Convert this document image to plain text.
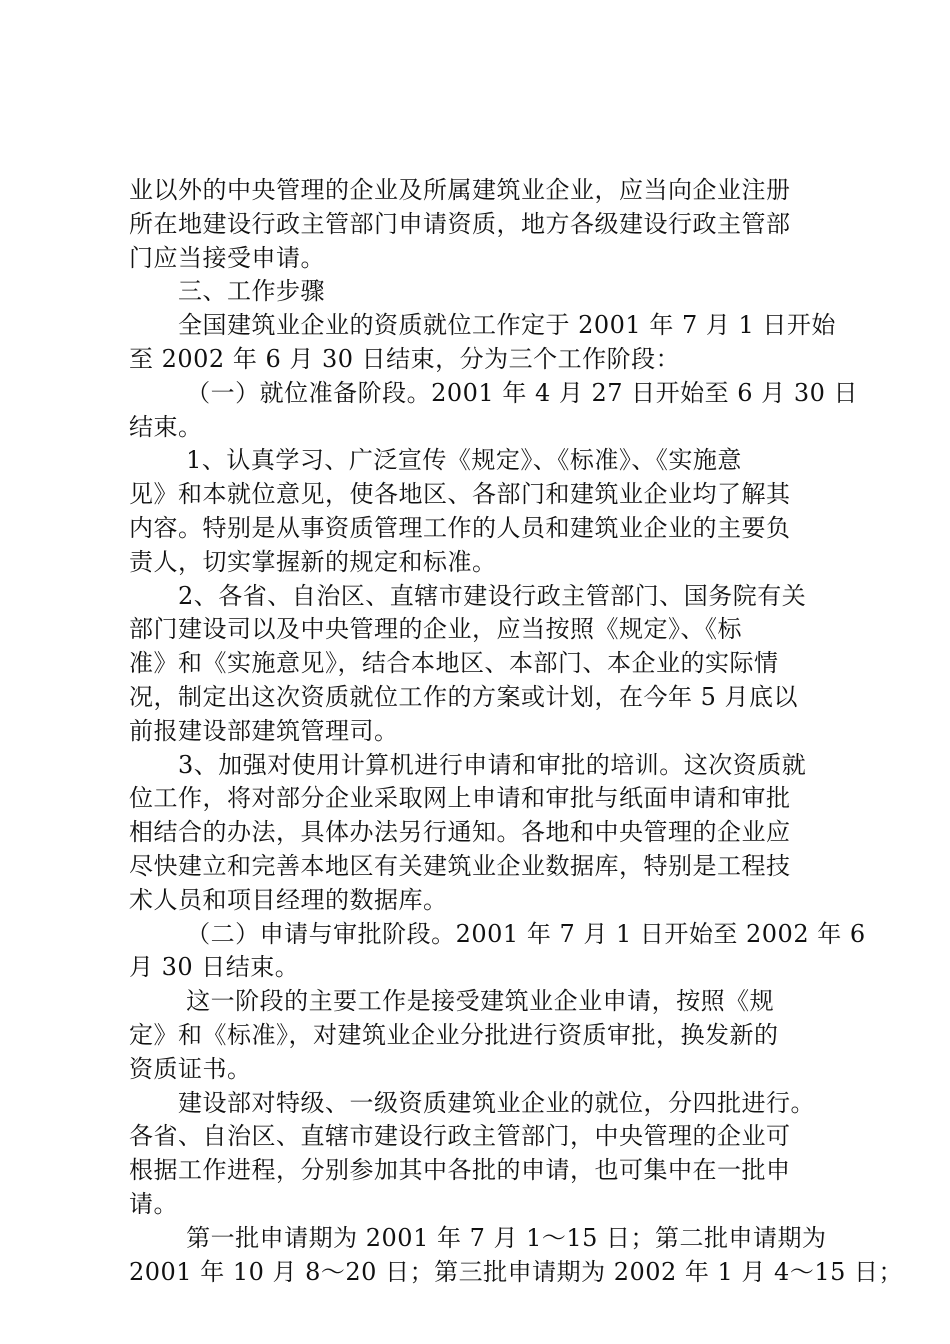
业以外的中央管理的企业及所属建筑业企业，应当向企业注册
所在地建设行政主管部门申请资质，地方各级建设行政主管部
门应当接受申请。
　　三、工作步骤
　　全国建筑业企业的资质就位工作定于 2001 年 7 月 1 日开始
至 2002 年 6 月 30 日结束，分为三个工作阶段：
　　 （一）就位准备阶段。2001 年 4 月 27 日开始至 6 月 30 日
结束。
　　 1、认真学习、广泛宣传《规定》、《标准》、《实施意
见》和本就位意见，使各地区、各部门和建筑业企业均了解其
内容。特别是从事资质管理工作的人员和建筑业企业的主要负
责人，切实掌握新的规定和标准。
　　2、各省、自治区、直辖市建设行政主管部门、国务院有关
部门建设司以及中央管理的企业，应当按照《规定》、《标
准》和《实施意见》，结合本地区、本部门、本企业的实际情
况，制定出这次资质就位工作的方案或计划，在今年 5 月底以
前报建设部建筑管理司。
　　3、加强对使用计算机进行申请和审批的培训。这次资质就
位工作，将对部分企业采取网上申请和审批与纸面申请和审批
相结合的办法，具体办法另行通知。各地和中央管理的企业应
尽快建立和完善本地区有关建筑业企业数据库，特别是工程技
术人员和项目经理的数据库。
　　 （二）申请与审批阶段。2001 年 7 月 1 日开始至 2002 年 6
月 30 日结束。
　　 这一阶段的主要工作是接受建筑业企业申请，按照《规
定》和《标准》，对建筑业企业分批进行资质审批，换发新的
资质证书。
　　建设部对特级、一级资质建筑业企业的就位，分四批进行。
各省、自治区、直辖市建设行政主管部门，中央管理的企业可
根据工作进程，分别参加其中各批的申请，也可集中在一批申
请。
　　 第一批申请期为 2001 年 7 月 1～15 日；第二批申请期为
2001 年 10 月 8～20 日；第三批申请期为 2002 年 1 月 4～15 日；
